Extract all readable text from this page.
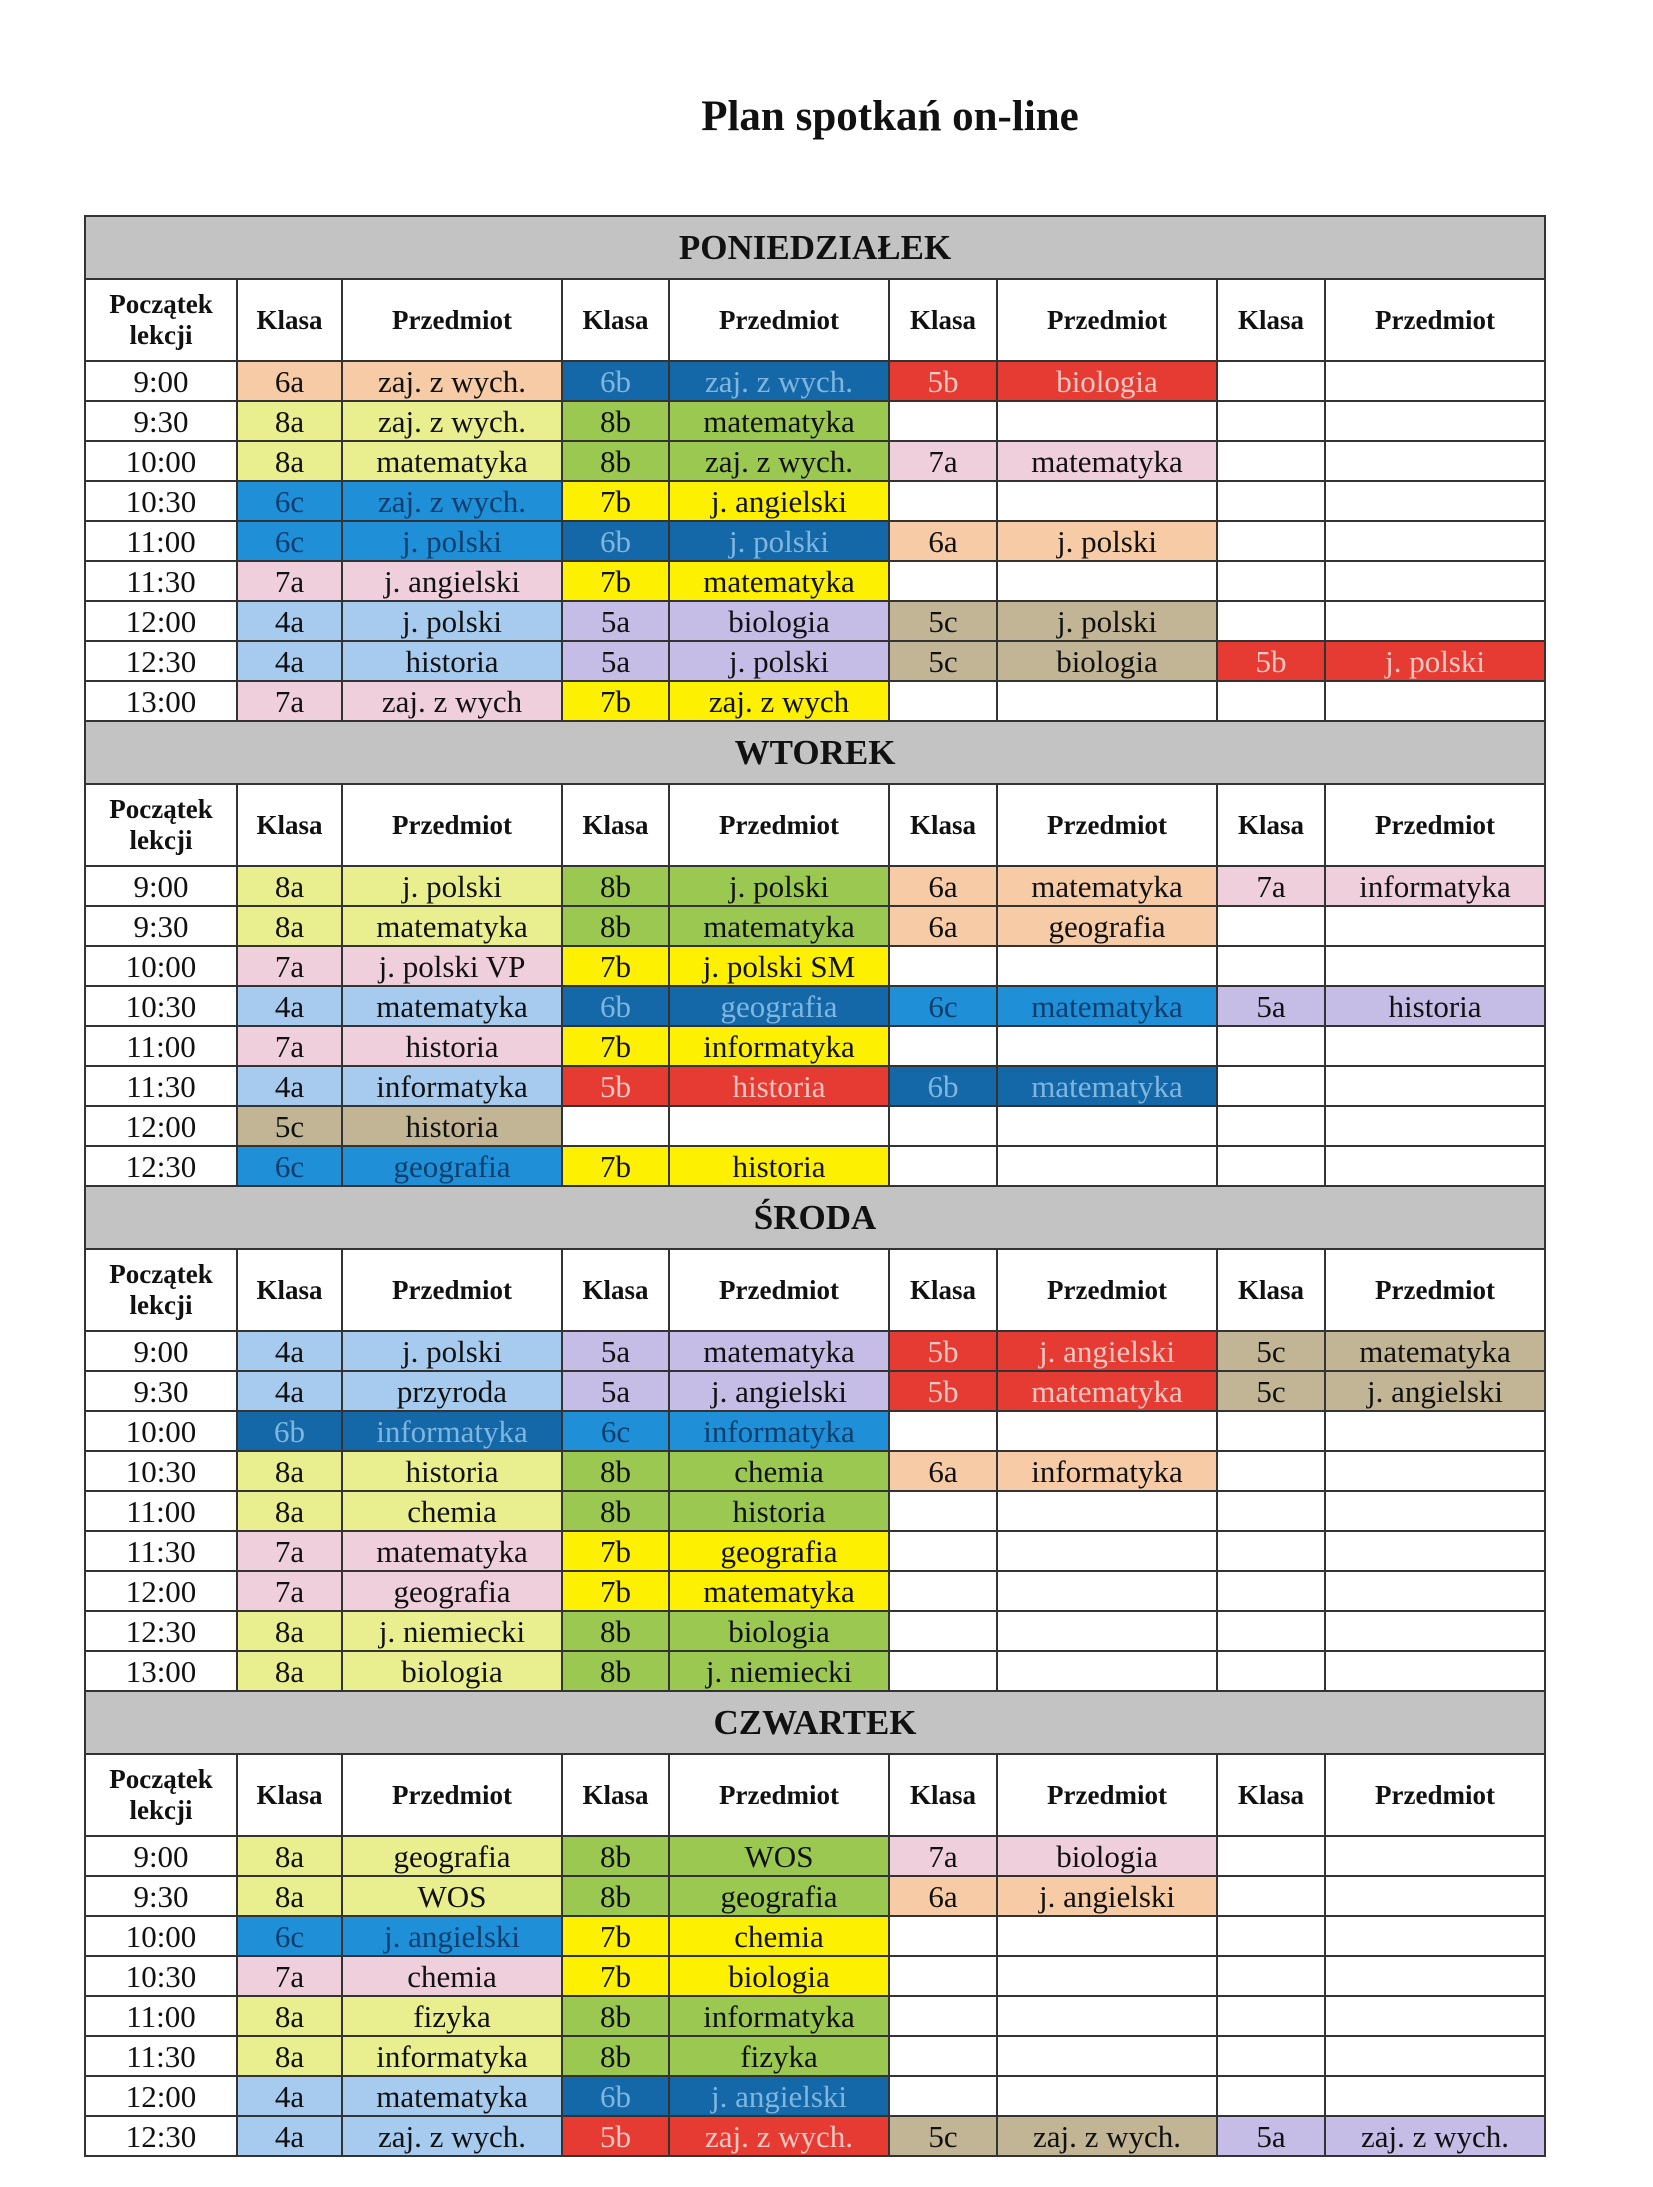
Plan spotkań on-line
PONIEDZIAŁEK								
Początek lekcji	Klasa	Przedmiot	Klasa	Przedmiot	Klasa	Przedmiot	Klasa	Przedmiot
9:00	6a	zaj. z wych.	6b	zaj. z wych.	5b	biologia		
9:30	8a	zaj. z wych.	8b	matematyka				
10:00	8a	matematyka	8b	zaj. z wych.	7a	matematyka		
10:30	6c	zaj. z wych.	7b	j. angielski				
11:00	6c	j. polski	6b	j. polski	6a	j. polski		
11:30	7a	j. angielski	7b	matematyka				
12:00	4a	j. polski	5a	biologia	5c	j. polski		
12:30	4a	historia	5a	j. polski	5c	biologia	5b	j. polski
13:00	7a	zaj. z wych	7b	zaj. z wych				
WTOREK								
Początek lekcji	Klasa	Przedmiot	Klasa	Przedmiot	Klasa	Przedmiot	Klasa	Przedmiot
9:00	8a	j. polski	8b	j. polski	6a	matematyka	7a	informatyka
9:30	8a	matematyka	8b	matematyka	6a	geografia		
10:00	7a	j. polski VP	7b	j. polski SM				
10:30	4a	matematyka	6b	geografia	6c	matematyka	5a	historia
11:00	7a	historia	7b	informatyka				
11:30	4a	informatyka	5b	historia	6b	matematyka		
12:00	5c	historia						
12:30	6c	geografia	7b	historia				
ŚRODA								
Początek lekcji	Klasa	Przedmiot	Klasa	Przedmiot	Klasa	Przedmiot	Klasa	Przedmiot
9:00	4a	j. polski	5a	matematyka	5b	j. angielski	5c	matematyka
9:30	4a	przyroda	5a	j. angielski	5b	matematyka	5c	j. angielski
10:00	6b	informatyka	6c	informatyka				
10:30	8a	historia	8b	chemia	6a	informatyka		
11:00	8a	chemia	8b	historia				
11:30	7a	matematyka	7b	geografia				
12:00	7a	geografia	7b	matematyka				
12:30	8a	j. niemiecki	8b	biologia				
13:00	8a	biologia	8b	j. niemiecki				
CZWARTEK								
Początek lekcji	Klasa	Przedmiot	Klasa	Przedmiot	Klasa	Przedmiot	Klasa	Przedmiot
9:00	8a	geografia	8b	WOS	7a	biologia		
9:30	8a	WOS	8b	geografia	6a	j. angielski		
10:00	6c	j. angielski	7b	chemia				
10:30	7a	chemia	7b	biologia				
11:00	8a	fizyka	8b	informatyka				
11:30	8a	informatyka	8b	fizyka				
12:00	4a	matematyka	6b	j. angielski				
12:30	4a	zaj. z wych.	5b	zaj. z wych.	5c	zaj. z wych.	5a	zaj. z wych.
